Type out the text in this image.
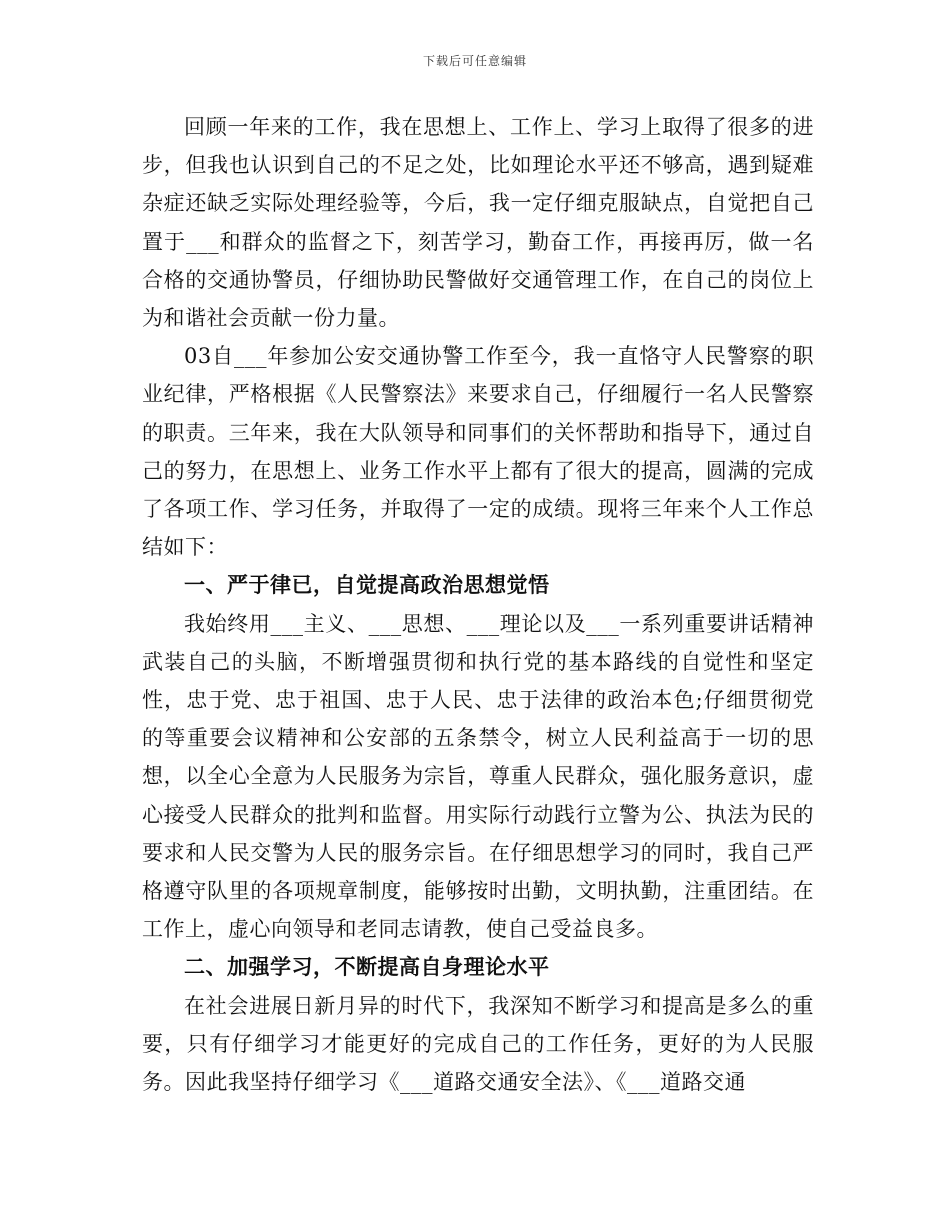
下载后可任意编辑

回顾一年来的工作，我在思想上、工作上、学习上取得了很多的进步，但我也认识到自己的不足之处，比如理论水平还不够高，遇到疑难杂症还缺乏实际处理经验等，今后，我一定仔细克服缺点，自觉把自己置于___和群众的监督之下，刻苦学习，勤奋工作，再接再厉，做一名合格的交通协警员，仔细协助民警做好交通管理工作，在自己的岗位上为和谐社会贡献一份力量。

03自___年参加公安交通协警工作至今，我一直恪守人民警察的职业纪律，严格根据《人民警察法》来要求自己，仔细履行一名人民警察的职责。三年来，我在大队领导和同事们的关怀帮助和指导下，通过自己的努力，在思想上、业务工作水平上都有了很大的提高，圆满的完成了各项工作、学习任务，并取得了一定的成绩。现将三年来个人工作总结如下：

一、严于律已，自觉提高政治思想觉悟

我始终用___主义、___思想、___理论以及___一系列重要讲话精神武装自己的头脑，不断增强贯彻和执行党的基本路线的自觉性和坚定性，忠于党、忠于祖国、忠于人民、忠于法律的政治本色;仔细贯彻党的等重要会议精神和公安部的五条禁令，树立人民利益高于一切的思想，以全心全意为人民服务为宗旨，尊重人民群众，强化服务意识，虚心接受人民群众的批判和监督。用实际行动践行立警为公、执法为民的要求和人民交警为人民的服务宗旨。在仔细思想学习的同时，我自己严格遵守队里的各项规章制度，能够按时出勤，文明执勤，注重团结。在工作上，虚心向领导和老同志请教，使自己受益良多。

二、加强学习，不断提高自身理论水平

在社会进展日新月异的时代下，我深知不断学习和提高是多么的重要，只有仔细学习才能更好的完成自己的工作任务，更好的为人民服务。因此我坚持仔细学习《___道路交通安全法》、《___道路交通
